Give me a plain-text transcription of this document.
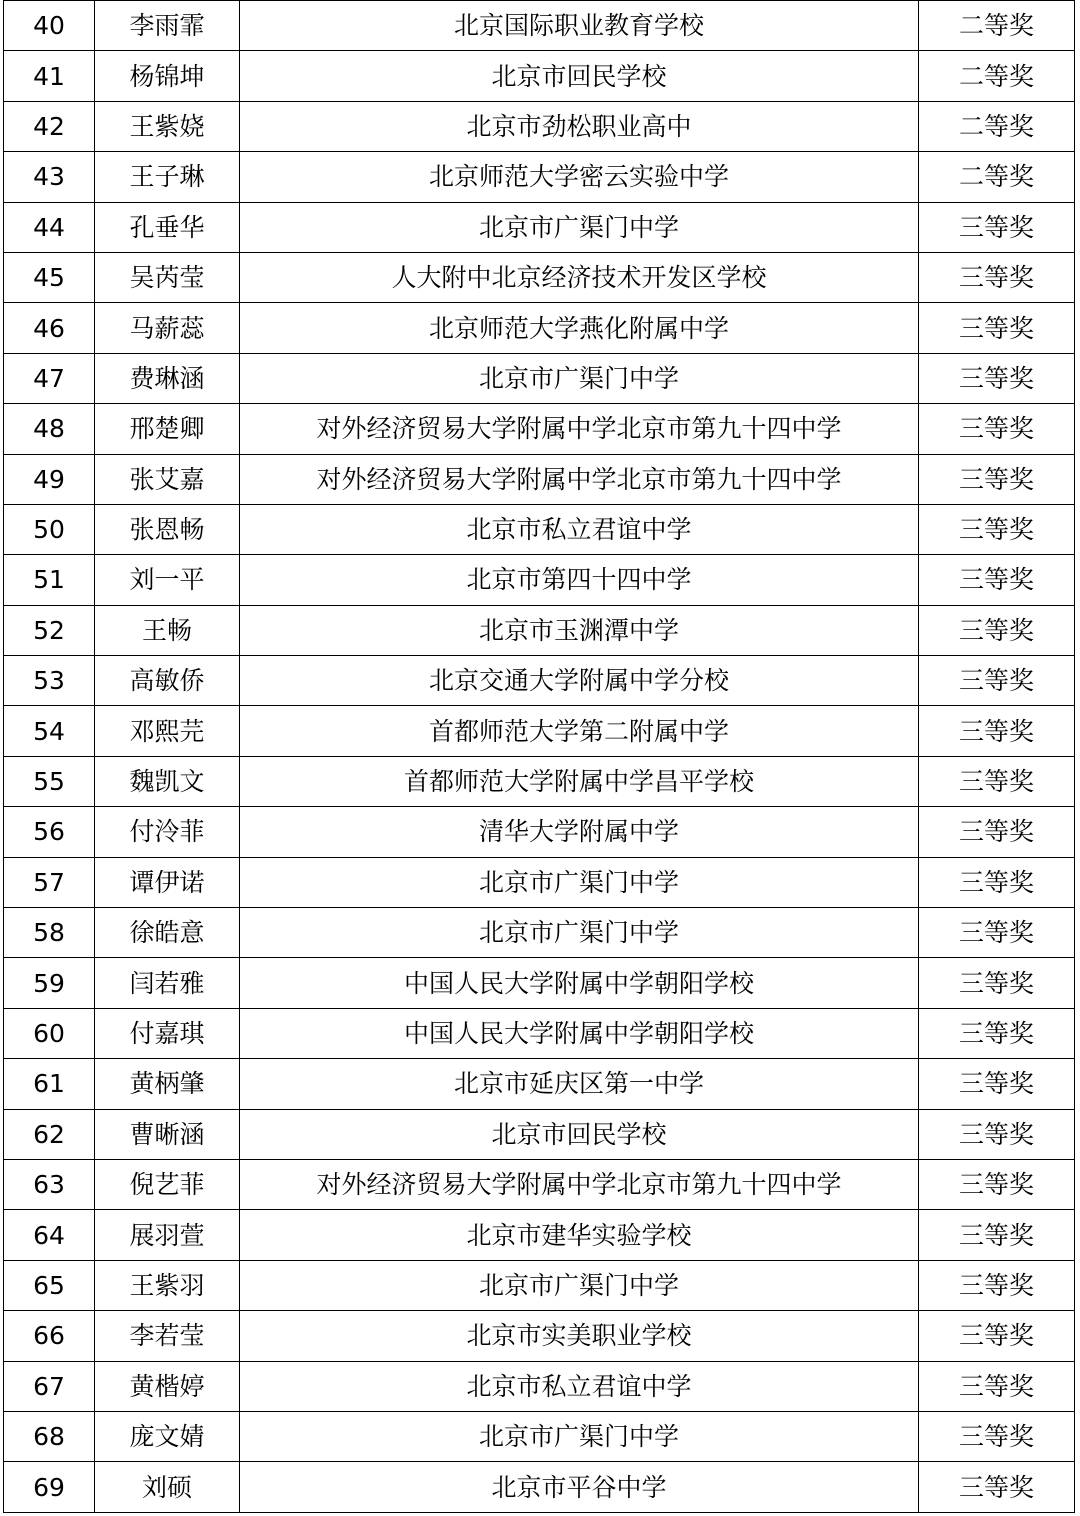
40	李雨霏	北京国际职业教育学校	二等奖
41	杨锦坤	北京市回民学校	二等奖
42	王紫娆	北京市劲松职业高中	二等奖
43	王子琳	北京师范大学密云实验中学	二等奖
44	孔垂华	北京市广渠门中学	三等奖
45	吴芮莹	人大附中北京经济技术开发区学校	三等奖
46	马薪蕊	北京师范大学燕化附属中学	三等奖
47	费琳涵	北京市广渠门中学	三等奖
48	邢楚卿	对外经济贸易大学附属中学北京市第九十四中学	三等奖
49	张艾嘉	对外经济贸易大学附属中学北京市第九十四中学	三等奖
50	张恩畅	北京市私立君谊中学	三等奖
51	刘一平	北京市第四十四中学	三等奖
52	王畅	北京市玉渊潭中学	三等奖
53	高敏侨	北京交通大学附属中学分校	三等奖
54	邓熙芫	首都师范大学第二附属中学	三等奖
55	魏凯文	首都师范大学附属中学昌平学校	三等奖
56	付泠菲	清华大学附属中学	三等奖
57	谭伊诺	北京市广渠门中学	三等奖
58	徐皓意	北京市广渠门中学	三等奖
59	闫若雅	中国人民大学附属中学朝阳学校	三等奖
60	付嘉琪	中国人民大学附属中学朝阳学校	三等奖
61	黄柄肇	北京市延庆区第一中学	三等奖
62	曹晰涵	北京市回民学校	三等奖
63	倪艺菲	对外经济贸易大学附属中学北京市第九十四中学	三等奖
64	展羽萱	北京市建华实验学校	三等奖
65	王紫羽	北京市广渠门中学	三等奖
66	李若莹	北京市实美职业学校	三等奖
67	黄楷婷	北京市私立君谊中学	三等奖
68	庞文婧	北京市广渠门中学	三等奖
69	刘硕	北京市平谷中学	三等奖
